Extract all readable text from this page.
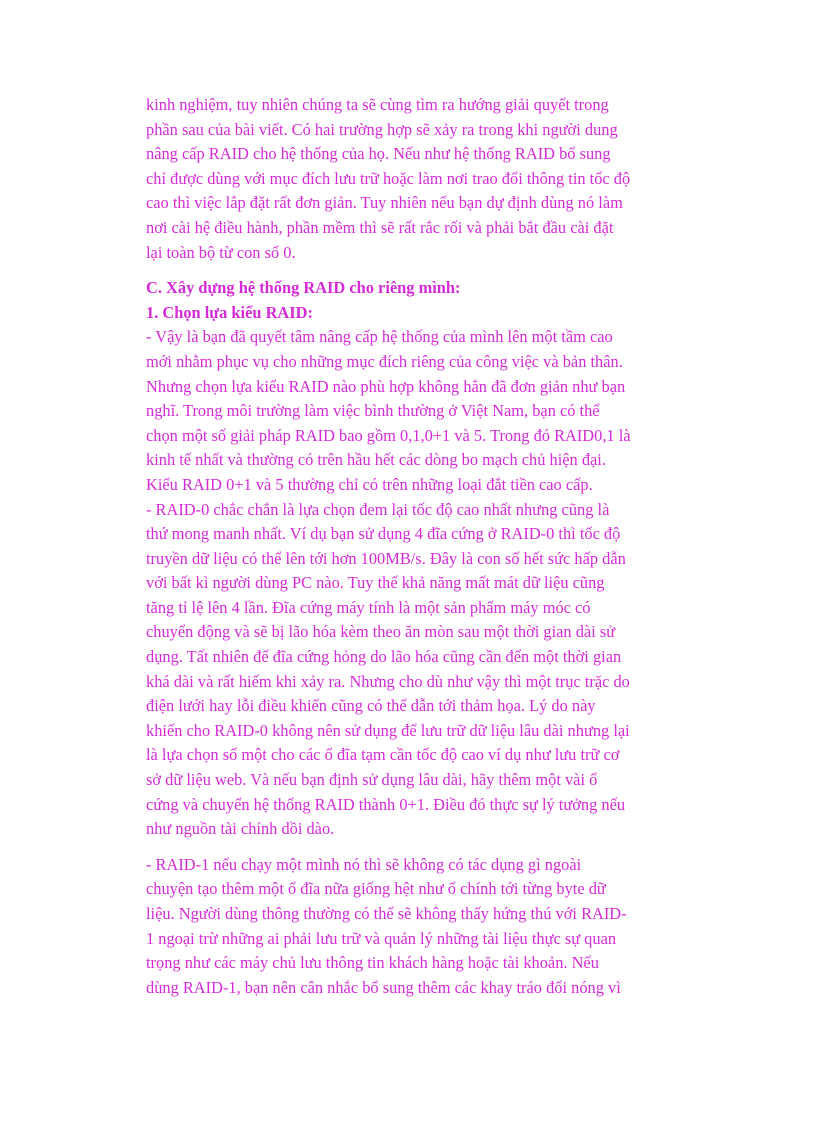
kinh nghiệm, tuy nhiên chúng ta sẽ cùng tìm ra hướng giải quyết trong
phần sau của bài viết. Có hai trường hợp sẽ xảy ra trong khi người dung
nâng cấp RAID cho hệ thống của họ. Nếu như hệ thống RAID bổ sung
chỉ được dùng với mục đích lưu trữ hoặc làm nơi trao đổi thông tin tốc độ
cao thì việc lắp đặt rất đơn giản. Tuy nhiên nếu bạn dự định dùng nó làm
nơi cài hệ điều hành, phần mềm thì sẽ rất rắc rối và phải bắt đầu cài đặt
lại toàn bộ từ con số 0.
C. Xây dựng hệ thống RAID cho riêng mình:
1. Chọn lựa kiểu RAID:
- Vậy là bạn đã quyết tâm nâng cấp hệ thống của mình lên một tầm cao
mới nhằm phục vụ cho những mục đích riêng của công việc và bản thân.
Nhưng chọn lựa kiểu RAID nào phù hợp không hẳn đã đơn giản như bạn
nghĩ. Trong môi trường làm việc bình thường ở Việt Nam, bạn có thể
chọn một số giải pháp RAID bao gồm 0,1,0+1 và 5. Trong đó RAID0,1 là
kinh tế nhất và thường có trên hầu hết các dòng bo mạch chủ hiện đại.
Kiểu RAID 0+1 và 5 thường chỉ có trên những loại đắt tiền cao cấp.
- RAID-0 chắc chắn là lựa chọn đem lại tốc độ cao nhất nhưng cũng là
thứ mong manh nhất. Ví dụ bạn sử dụng 4 đĩa cứng ở RAID-0 thì tốc độ
truyền dữ liệu có thể lên tới hơn 100MB/s. Đây là con số hết sức hấp dẫn
với bất kì người dùng PC nào. Tuy thế khả năng mất mát dữ liệu cũng
tăng tỉ lệ lên 4 lần. Đĩa cứng máy tính là một sản phẩm máy móc có
chuyển động và sẽ bị lão hóa kèm theo ăn mòn sau một thời gian dài sử
dụng. Tất nhiên để đĩa cứng hỏng do lão hóa cũng cần đến một thời gian
khá dài và rất hiếm khi xảy ra. Nhưng cho dù như vậy thì một trục trặc do
điện lưới hay lỗi điều khiển cũng có thể dẫn tới thảm họa. Lý do này
khiến cho RAID-0 không nên sử dụng để lưu trữ dữ liệu lâu dài nhưng lại
là lựa chọn số một cho các ổ đĩa tạm cần tốc độ cao ví dụ như lưu trữ cơ
sở dữ liệu web. Và nếu bạn định sử dụng lâu dài, hãy thêm một vài ổ
cứng và chuyển hệ thống RAID thành 0+1. Điều đó thực sự lý tưởng nếu
như nguồn tài chính dồi dào.
- RAID-1 nếu chạy một mình nó thì sẽ không có tác dụng gì ngoài
chuyện tạo thêm một ổ đĩa nữa giống hệt như ổ chính tới từng byte dữ
liệu. Người dùng thông thường có thể sẽ không thấy hứng thú với RAID-
1 ngoại trừ những ai phải lưu trữ và quản lý những tài liệu thực sự quan
trọng như các máy chủ lưu thông tin khách hàng hoặc tài khoản. Nếu
dùng RAID-1, bạn nên cân nhắc bổ sung thêm các khay tráo đổi nóng vì
